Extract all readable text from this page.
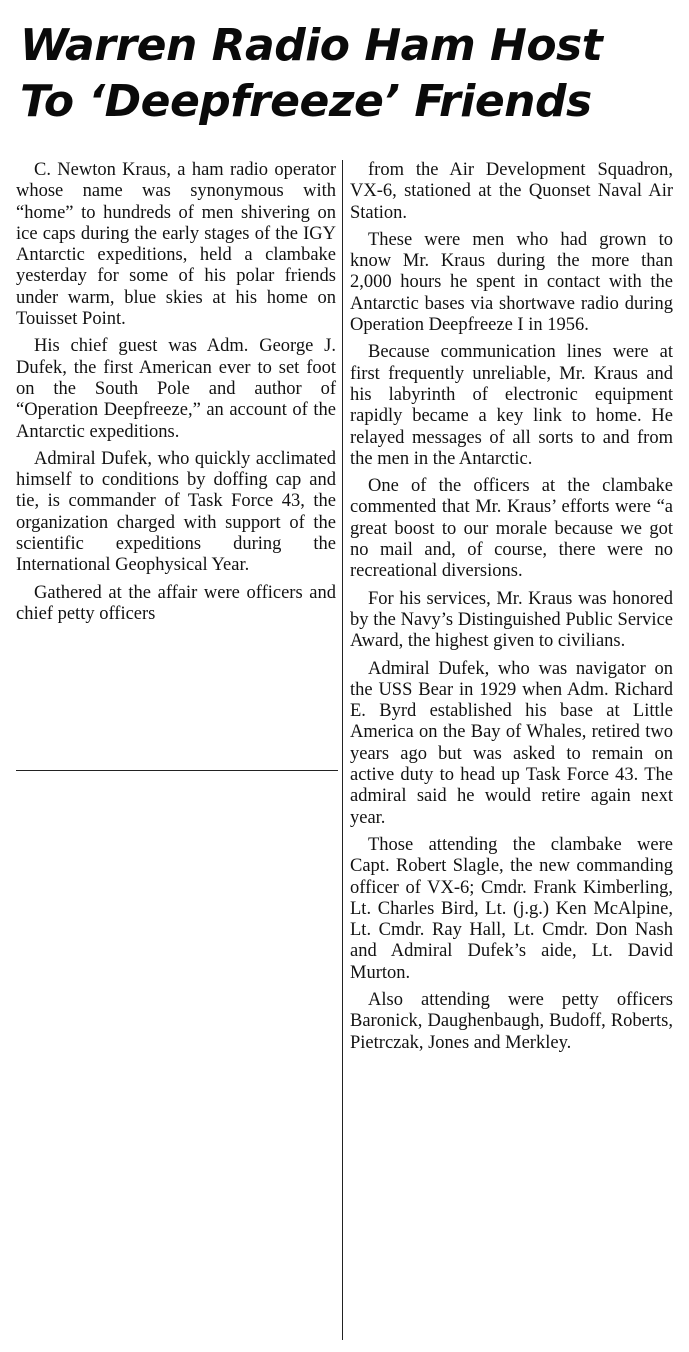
Warren Radio Ham Host
To ‘Deepfreeze’ Friends

C. Newton Kraus, a ham radio operator whose name was synonymous with “home” to hundreds of men shivering on ice caps during the early stages of the IGY Antarctic expeditions, held a clambake yesterday for some of his polar friends under warm, blue skies at his home on Touisset Point.

His chief guest was Adm. George J. Dufek, the first American ever to set foot on the South Pole and author of “Operation Deepfreeze,” an account of the Antarctic expeditions.

Admiral Dufek, who quickly acclimated himself to conditions by doffing cap and tie, is commander of Task Force 43, the organization charged with support of the scientific expeditions during the International Geophysical Year.

Gathered at the affair were officers and chief petty officers

from the Air Development Squadron, VX-6, stationed at the Quonset Naval Air Station.

These were men who had grown to know Mr. Kraus during the more than 2,000 hours he spent in contact with the Antarctic bases via shortwave radio during Operation Deepfreeze I in 1956.

Because communication lines were at first frequently unreliable, Mr. Kraus and his labyrinth of electronic equipment rapidly became a key link to home. He relayed messages of all sorts to and from the men in the Antarctic.

One of the officers at the clambake commented that Mr. Kraus’ efforts were “a great boost to our morale because we got no mail and, of course, there were no recreational diversions.

For his services, Mr. Kraus was honored by the Navy’s Distinguished Public Service Award, the highest given to civilians.

Admiral Dufek, who was navigator on the USS Bear in 1929 when Adm. Richard E. Byrd established his base at Little America on the Bay of Whales, retired two years ago but was asked to remain on active duty to head up Task Force 43. The admiral said he would retire again next year.

Those attending the clambake were Capt. Robert Slagle, the new commanding officer of VX-6; Cmdr. Frank Kimberling, Lt. Charles Bird, Lt. (j.g.) Ken McAlpine, Lt. Cmdr. Ray Hall, Lt. Cmdr. Don Nash and Admiral Dufek’s aide, Lt. David Murton.

Also attending were petty officers Baronick, Daughenbaugh, Budoff, Roberts, Pietrczak, Jones and Merkley.
